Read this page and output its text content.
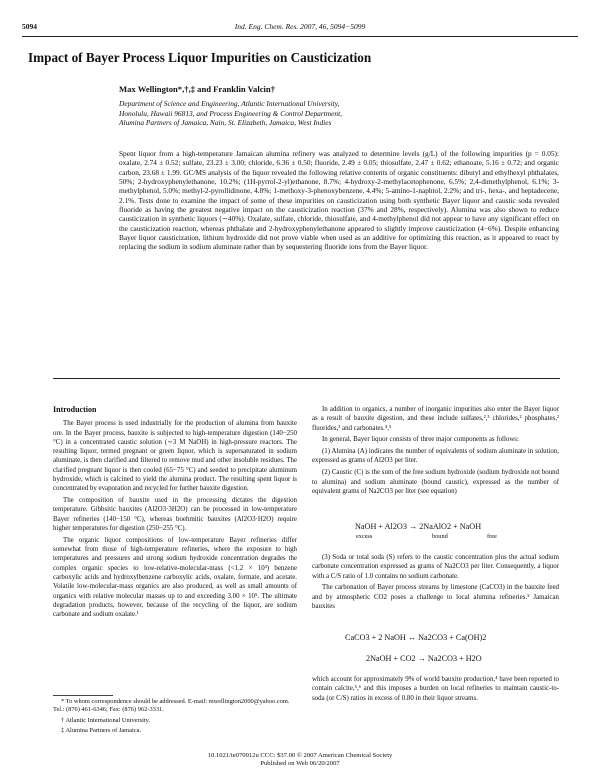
5094	Ind. Eng. Chem. Res. 2007, 46, 5094−5099
Impact of Bayer Process Liquor Impurities on Causticization
Max Wellington*,†,‡ and Franklin Valcin†
Department of Science and Engineering, Atlantic International University,
Honolulu, Hawaii 96813, and Process Engineering & Control Department,
Alumina Partners of Jamaica, Nain, St. Elizabeth, Jamaica, West Indies
Spent liquor from a high-temperature Jamaican alumina refinery was analyzed to determine levels (g/L) of the following impurities (p = 0.05): oxalate, 2.74 ± 0.52; sulfate, 23.23 ± 3.00; chloride, 6.36 ± 0.50; fluoride, 2.49 ± 0.05; thiosulfate, 2.47 ± 0.62; ethanoate, 5.16 ± 0.72; and organic carbon, 23.68 ± 1.99. GC/MS analysis of the liquor revealed the following relative contents of organic constituents: dibutyl and ethylhexyl phthalates, 50%; 2-hydroxyphenylethanone, 10.2%; (1H-pyrrol-2-yl)ethanone, 8.7%; 4-hydroxy-2-methylacetophenone, 6.5%; 2,4-dimethylphenol, 6.1%; 3-methylphenol, 5.0%; methyl-2-pyrollidinone, 4.8%; 1-methoxy-3-phenoxybenzene, 4.4%; 5-amino-1-naphtol, 2.2%; and tri-, hexa-, and heptadecene, 2.1%. Tests done to examine the impact of some of these impurities on causticization using both synthetic Bayer liquor and caustic soda revealed fluoride as having the greatest negative impact on the causticization reaction (37% and 28%, respectively). Alumina was also shown to reduce causticization in synthetic liquors (∼40%). Oxalate, sulfate, chloride, thiosulfate, and 4-methylphenol did not appear to have any significant effect on the causticization reaction, whereas phthalate and 2-hydroxyphenylethanone appeared to slightly improve causticization (4−6%). Despite enhancing Bayer liquor causticization, lithium hydroxide did not prove viable when used as an additive for optimizing this reaction, as it appeared to react by replacing the sodium in sodium aluminate rather than by sequestering fluoride ions from the Bayer liquor.
Introduction

The Bayer process is used industrially for the production of alumina from bauxite ore. In the Bayer process, bauxite is subjected to high-temperature digestion (140−250 °C) in a concentrated caustic solution (∼3 M NaOH) in high-pressure reactors. The resulting liquor, termed pregnant or green liquor, which is supersaturated in sodium aluminate, is then clarified and filtered to remove mud and other insoluble residues. The clarified pregnant liquor is then cooled (65−75 °C) and seeded to precipitate aluminum hydroxide, which is calcined to yield the alumina product. The resulting spent liquor is concentrated by evaporation and recycled for further bauxite digestion.

The composition of bauxite used in the processing dictates the digestion temperature. Gibbsitic bauxites (Al2O3·3H2O) can be processed in low-temperature Bayer refineries (140−150 °C), whereas boehmitic bauxites (Al2O3·H2O) require higher temperatures for digestion (250−255 °C).

The organic liquor compositions of low-temperature Bayer refineries differ somewhat from those of high-temperature refineries, where the exposure to high temperatures and pressures and strong sodium hydroxide concentration degrades the complex organic species to low-relative-molecular-mass (<1.2 × 10³) benzene carboxylic acids and hydroxylbenzene carboxylic acids, oxalate, formate, and acetate. Volatile low-molecular-mass organics are also produced, as well as small amounts of organics with relative molecular masses up to and exceeding 3.00 × 10⁵. The ultimate degradation products, however, because of the recycling of the liquor, are sodium carbonate and sodium oxalate.¹

* To whom correspondence should be addressed. E-mail: mwellington2000@yahoo.com. Tel.: (876) 461-6346; Fax: (876) 962-3331.

† Atlantic International University.

‡ Alumina Partners of Jamaica.

In addition to organics, a number of inorganic impurities also enter the Bayer liquor as a result of bauxite digestion, and these include sulfates,²,³ chlorides,² phosphates,² fluorides,³ and carbonates.⁴,⁵

In general, Bayer liquor consists of three major components as follows:

(1) Alumina (A) indicates the number of equivalents of sodium aluminate in solution, expressed as grams of Al2O3 per liter.

(2) Caustic (C) is the sum of the free sodium hydroxide (sodium hydroxide not bound to alumina) and sodium aluminate (bound caustic), expressed as the number of equivalent grams of Na2CO3 per liter (see equation)

NaOH + Al2O3 → 2NaAlO2 + NaOH
excess	bound	free

(3) Soda or total soda (S) refers to the caustic concentration plus the actual sodium carbonate concentration expressed as grams of Na2CO3 per liter. Consequently, a liquor with a C/S ratio of 1.0 contains no sodium carbonate.

The carbonation of Bayer process streams by limestone (CaCO3) in the bauxite feed and by atmospheric CO2 poses a challenge to local alumina refineries.⁵ Jamaican bauxites

CaCO3 + 2 NaOH ↔ Na2CO3 + Ca(OH)2
2NaOH + CO2 → Na2CO3 + H2O

which account for approximately 9% of world bauxite production,⁴ have been reported to contain calcite,⁵,⁶ and this imposes a burden on local refineries to maintain caustic-to-soda (or C/S) ratios in excess of 0.80 in their liquor streams.

10.1021/ie070012u CCC: $37.00 © 2007 American Chemical Society
Published on Web 06/20/2007
